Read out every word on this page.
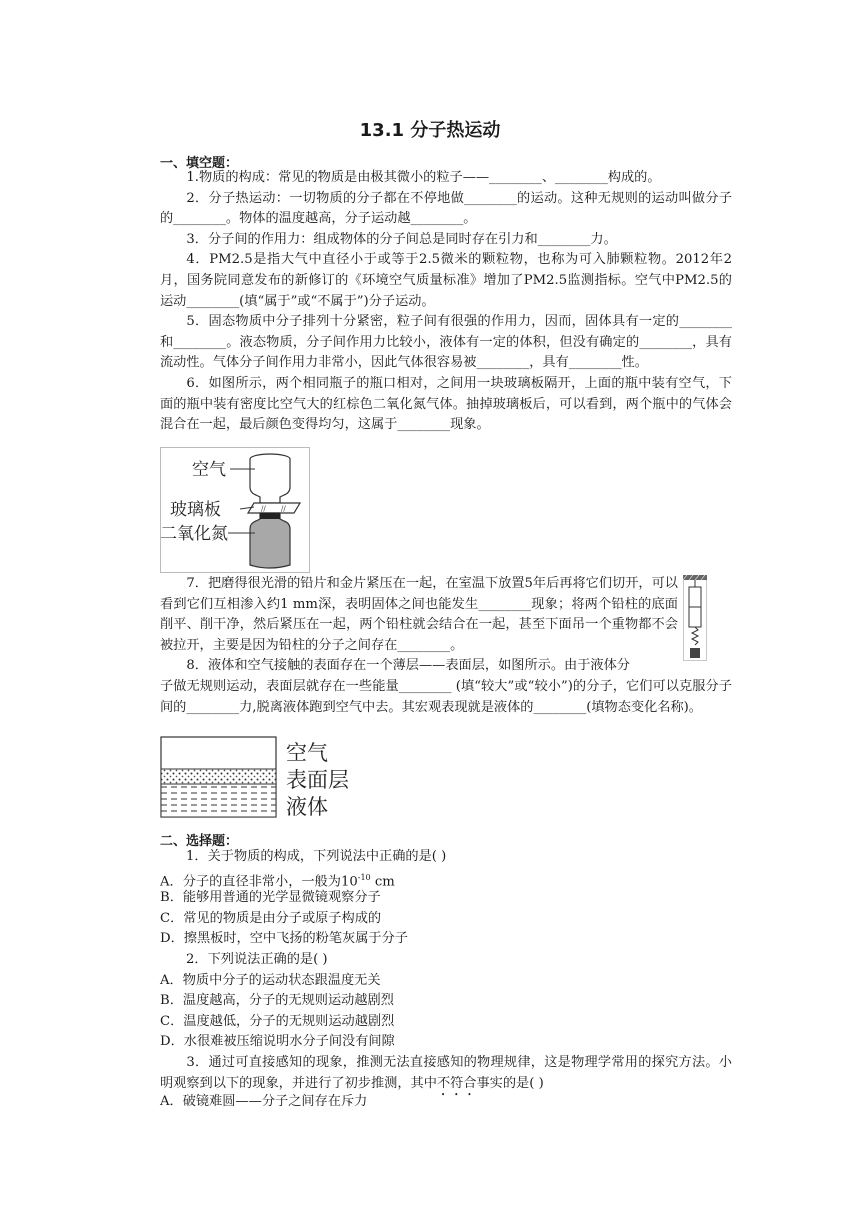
13.1 分子热运动
一、填空题：

1.物质的构成：常见的物质是由极其微小的粒子——________、________构成的。

2．分子热运动：一切物质的分子都在不停地做________的运动。这种无规则的运动叫做分子的________。物体的温度越高，分子运动越________。

3．分子间的作用力：组成物体的分子间总是同时存在引力和________力。

4．PM2.5是指大气中直径小于或等于2.5微米的颗粒物，也称为可入肺颗粒物。2012年2月，国务院同意发布的新修订的《环境空气质量标准》增加了PM2.5监测指标。空气中PM2.5的运动________(填“属于”或“不属于”)分子运动。

5．固态物质中分子排列十分紧密，粒子间有很强的作用力，因而，固体具有一定的________和________。液态物质，分子间作用力比较小，液体有一定的体积，但没有确定的________，具有流动性。气体分子间作用力非常小，因此气体很容易被________，具有________性。

6．如图所示，两个相同瓶子的瓶口相对，之间用一块玻璃板隔开，上面的瓶中装有空气，下面的瓶中装有密度比空气大的红棕色二氧化氮气体。抽掉玻璃板后，可以看到，两个瓶中的气体会混合在一起，最后颜色变得均匀，这属于________现象。

// //
空气
玻璃板
二氧化氮

7．把磨得很光滑的铅片和金片紧压在一起，在室温下放置5年后再将它们切开，可以看到它们互相渗入约1 mm深，表明固体之间也能发生________现象；将两个铅柱的底面削平、削干净，然后紧压在一起，两个铅柱就会结合在一起，甚至下面吊一个重物都不会被拉开，主要是因为铅柱的分子之间存在________。

8．液体和空气接触的表面存在一个薄层——表面层，如图所示。由于液体分

子做无规则运动，表面层就存在一些能量________ (填“较大”或“较小”)的分子，它们可以克服分子间的________力,脱离液体跑到空气中去。其宏观表现就是液体的________(填物态变化名称)。

空气
表面层
液体
二、选择题：
1．关于物质的构成，下列说法中正确的是( )
A．分子的直径非常小，一般为$10^{-10}$ cm
B．能够用普通的光学显微镜观察分子
C．常见的物质是由分子或原子构成的
D．擦黑板时，空中飞扬的粉笔灰属于分子
2．下列说法正确的是( )
A．物质中分子的运动状态跟温度无关
B．温度越高，分子的无规则运动越剧烈
C．温度越低，分子的无规则运动越剧烈
D．水很难被压缩说明水分子间没有间隙

3．通过可直接感知的现象，推测无法直接感知的物理规律，这是物理学常用的探究方法。小明观察到以下的现象，并进行了初步推测，其中不符合事实的是( )

A．破镜难圆——分子之间存在斥力
